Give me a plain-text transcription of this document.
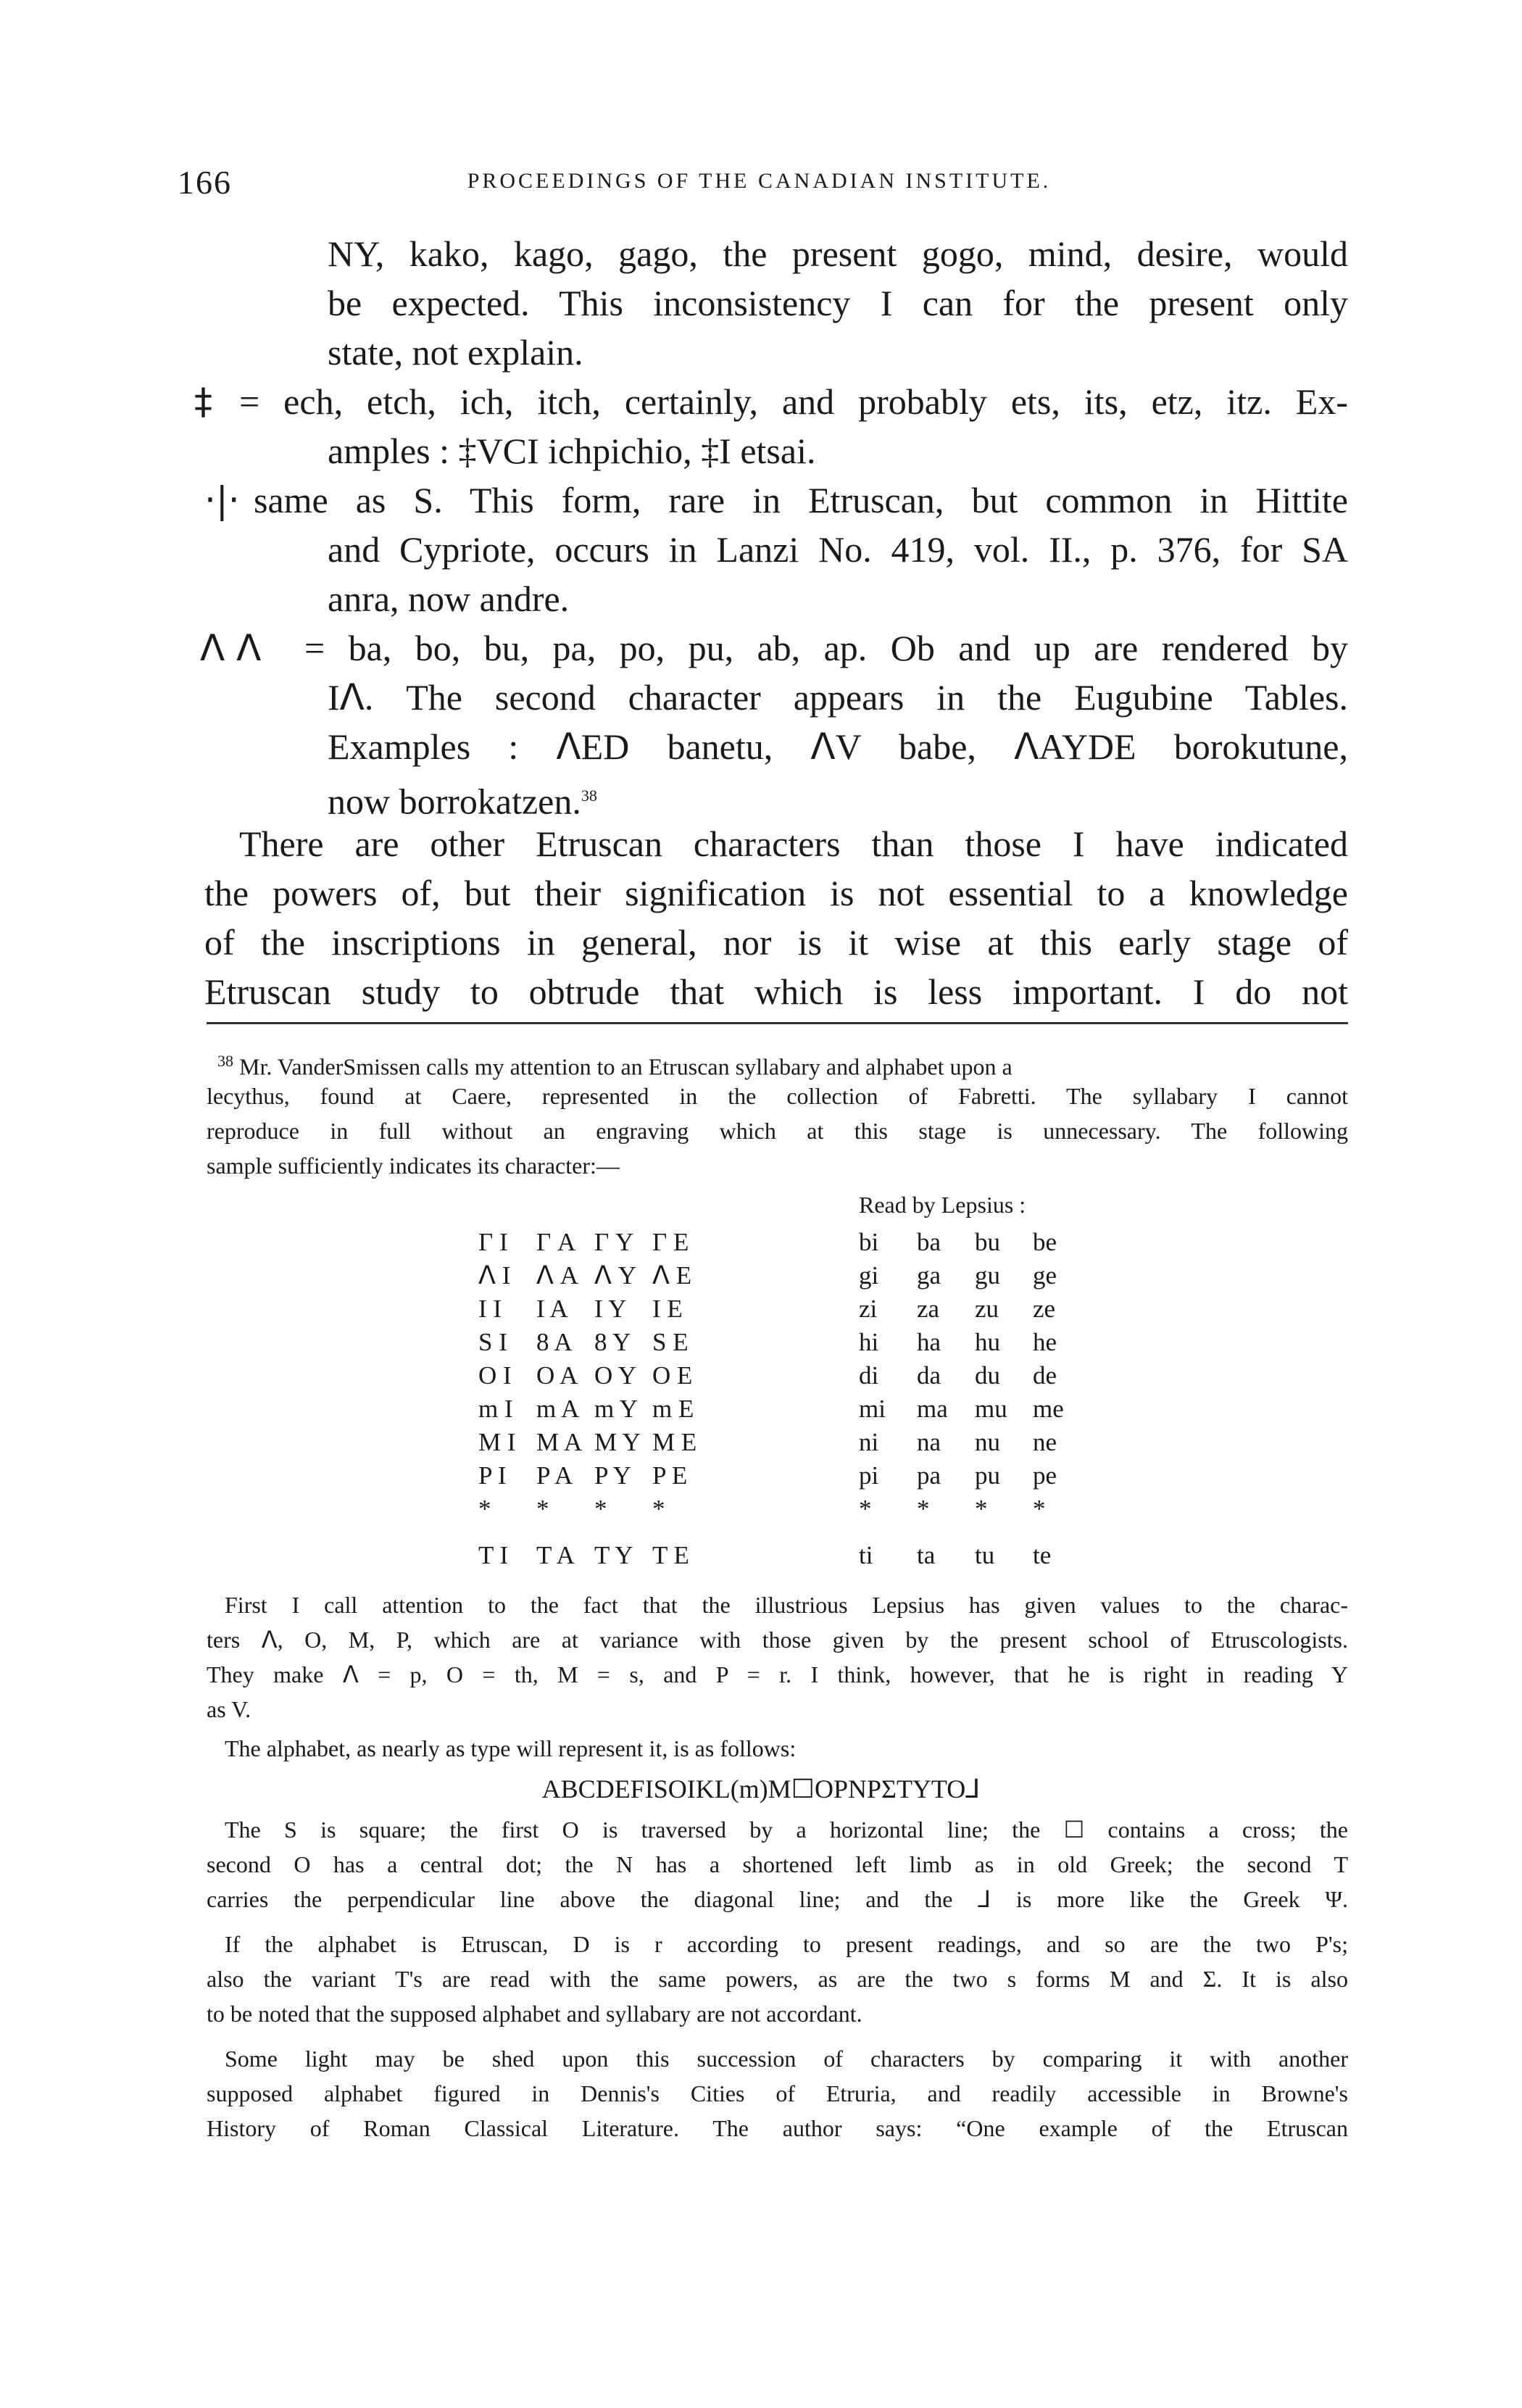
166	PROCEEDINGS OF THE CANADIAN INSTITUTE.
NY, kako, kago, gago, the present gogo, mind, desire, would
be expected. This inconsistency I can for the present only
state, not explain.
‡ = ech, etch, ich, itch, certainly, and probably ets, its, etz, itz. Ex-
amples : ‡VCI ichpichio, ‡I etsai.
·|· same as S. This form, rare in Etruscan, but common in Hittite
and Cypriote, occurs in Lanzi No. 419, vol. II., p. 376, for SA
anra, now andre.
ᐱ Λ = ba, bo, bu, pa, po, pu, ab, ap. Ob and up are rendered by
Iᐱ. The second character appears in the Eugubine Tables.
Examples : ᐱED banetu, ᐱV babe, ᐱAYDE borokutune,
now borrokatzen.$^{38}$
There are other Etruscan characters than those I have indicated
the powers of, but their signification is not essential to a knowledge
of the inscriptions in general, nor is it wise at this early stage of
Etruscan study to obtrude that which is less important. I do not
$^{38}$ Mr. VanderSmissen calls my attention to an Etruscan syllabary and alphabet upon a
lecythus, found at Caere, represented in the collection of Fabretti. The syllabary I cannot
reproduce in full without an engraving which at this stage is unnecessary. The following
sample sufficiently indicates its character:—
Read by Lepsius :
Γ I Γ A Γ Y Γ E	bi ba bu be
ᐱ I ᐱ A ᐱ Y ᐱ E	gi ga gu ge
I I I A I Y I E	zi za zu ze
S I 8 A 8 Y S E	hi ha hu he
O I O A O Y O E	di da du de
m I m A m Y m E	mi ma mu me
M I M A M Y M E	ni na nu ne
P I P A P Y P E	pi pa pu pe
* * * *	* * * *
T I T A T Y T E	ti ta tu te
First I call attention to the fact that the illustrious Lepsius has given values to the charac-
ters ᐱ, O, M, P, which are at variance with those given by the present school of Etruscologists.
They make ᐱ = p, O = th, M = s, and P = r. I think, however, that he is right in reading Y
as V.
The alphabet, as nearly as type will represent it, is as follows:
ABCDEFISOIKL(m)M☐OPNPΣTYTO⅃
The S is square; the first O is traversed by a horizontal line; the ☐ contains a cross; the
second O has a central dot; the N has a shortened left limb as in old Greek; the second T
carries the perpendicular line above the diagonal line; and the ⅃ is more like the Greek Ψ.
If the alphabet is Etruscan, D is r according to present readings, and so are the two P's;
also the variant T's are read with the same powers, as are the two s forms M and Σ. It is also
to be noted that the supposed alphabet and syllabary are not accordant.
Some light may be shed upon this succession of characters by comparing it with another
supposed alphabet figured in Dennis's Cities of Etruria, and readily accessible in Browne's
History of Roman Classical Literature. The author says: “One example of the Etruscan
